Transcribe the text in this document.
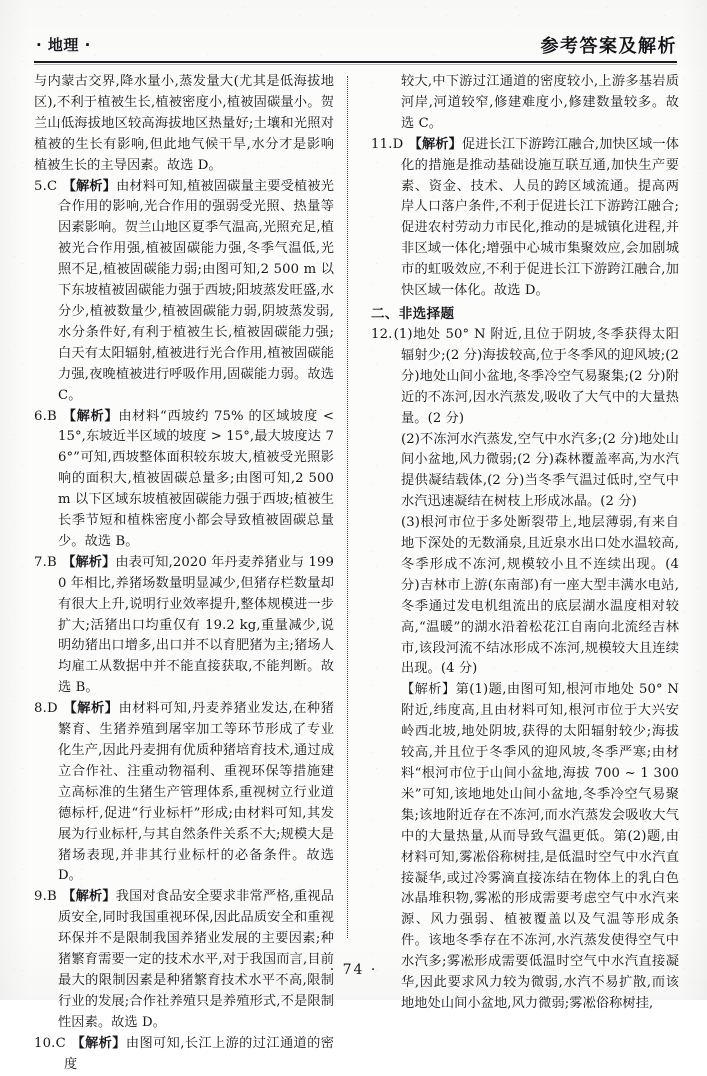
· 地理 ·	参考答案及解析
与内蒙古交界,降水量小,蒸发量大(尤其是低海拔地区),不利于植被生长,植被密度小,植被固碳量小。贺兰山低海拔地区较高海拔地区热量好;土壤和光照对植被的生长有影响,但此地气候干旱,水分才是影响植被生长的主导因素。故选 D。
5.C 【解析】由材料可知,植被固碳量主要受植被光合作用的影响,光合作用的强弱受光照、热量等因素影响。贺兰山地区夏季气温高,光照充足,植被光合作用强,植被固碳能力强,冬季气温低,光照不足,植被固碳能力弱;由图可知,2 500 m 以下东坡植被固碳能力强于西坡;阳坡蒸发旺盛,水分少,植被数量少,植被固碳能力弱,阴坡蒸发弱,水分条件好,有利于植被生长,植被固碳能力强;白天有太阳辐射,植被进行光合作用,植被固碳能力强,夜晚植被进行呼吸作用,固碳能力弱。故选 C。
6.B 【解析】由材料“西坡约 75% 的区域坡度 < 15°,东坡近半区域的坡度 > 15°,最大坡度达 76°”可知,西坡整体面积较东坡大,植被受光照影响的面积大,植被固碳总量多;由图可知,2 500 m 以下区域东坡植被固碳能力强于西坡;植被生长季节短和植株密度小都会导致植被固碳总量少。故选 B。
7.B 【解析】由表可知,2020 年丹麦养猪业与 1990 年相比,养猪场数量明显减少,但猪存栏数量却有很大上升,说明行业效率提升,整体规模进一步扩大;活猪出口均重仅有 19.2 kg,重量减少,说明幼猪出口增多,出口并不以育肥猪为主;猪场人均雇工从数据中并不能直接获取,不能判断。故选 B。
8.D 【解析】由材料可知,丹麦养猪业发达,在种猪繁育、生猪养殖到屠宰加工等环节形成了专业化生产,因此丹麦拥有优质种猪培育技术,通过成立合作社、注重动物福利、重视环保等措施建立高标准的生猪生产管理体系,重视树立行业道德标杆,促进“行业标杆”形成;由材料可知,其发展为行业标杆,与其自然条件关系不大;规模大是猪场表现,并非其行业标杆的必备条件。故选 D。
9.B 【解析】我国对食品安全要求非常严格,重视品质安全,同时我国重视环保,因此品质安全和重视环保并不是限制我国养猪业发展的主要因素;种猪繁育需要一定的技术水平,对于我国而言,目前最大的限制因素是种猪繁育技术水平不高,限制行业的发展;合作社养殖只是养殖形式,不是限制性因素。故选 D。
10.C 【解析】由图可知,长江上游的过江通道的密度
较大,中下游过江通道的密度较小,上游多基岩质河岸,河道较窄,修建难度小,修建数量较多。故选 C。
11.D 【解析】促进长江下游跨江融合,加快区域一体化的措施是推动基础设施互联互通,加快生产要素、资金、技术、人员的跨区域流通。提高两岸人口落户条件,不利于促进长江下游跨江融合;促进农村劳动力市民化,推动的是城镇化进程,并非区域一体化;增强中心城市集聚效应,会加剧城市的虹吸效应,不利于促进长江下游跨江融合,加快区域一体化。故选 D。
二、非选择题
12.(1)地处 50° N 附近,且位于阴坡,冬季获得太阳辐射少;(2 分)海拔较高,位于冬季风的迎风坡;(2 分)地处山间小盆地,冬季冷空气易聚集;(2 分)附近的不冻河,因水汽蒸发,吸收了大气中的大量热量。(2 分)
(2)不冻河水汽蒸发,空气中水汽多;(2 分)地处山间小盆地,风力微弱;(2 分)森林覆盖率高,为水汽提供凝结载体,(2 分)当冬季气温过低时,空气中水汽迅速凝结在树枝上形成冰晶。(2 分)
(3)根河市位于多处断裂带上,地层薄弱,有来自地下深处的无数涌泉,且近泉水出口处水温较高,冬季形成不冻河,规模较小且不连续出现。(4 分)吉林市上游(东南部)有一座大型丰满水电站,冬季通过发电机组流出的底层湖水温度相对较高,“温暖”的湖水沿着松花江自南向北流经吉林市,该段河流不结冰形成不冻河,规模较大且连续出现。(4 分)
【解析】第(1)题,由图可知,根河市地处 50° N 附近,纬度高,且由材料可知,根河市位于大兴安岭西北坡,地处阴坡,获得的太阳辐射较少;海拔较高,并且位于冬季风的迎风坡,冬季严寒;由材料“根河市位于山间小盆地,海拔 700 ~ 1 300 米”可知,该地地处山间小盆地,冬季冷空气易聚集;该地附近存在不冻河,而水汽蒸发会吸收大气中的大量热量,从而导致气温更低。第(2)题,由材料可知,雾凇俗称树挂,是低温时空气中水汽直接凝华,或过冷雾滴直接冻结在物体上的乳白色冰晶堆积物,雾凇的形成需要考虑空气中水汽来源、风力强弱、植被覆盖以及气温等形成条件。该地冬季存在不冻河,水汽蒸发使得空气中水汽多;雾凇形成需要低温时空气中水汽直接凝华,因此要求风力较为微弱,水汽不易扩散,而该地地处山间小盆地,风力微弱;雾凇俗称树挂,
· 74 ·
